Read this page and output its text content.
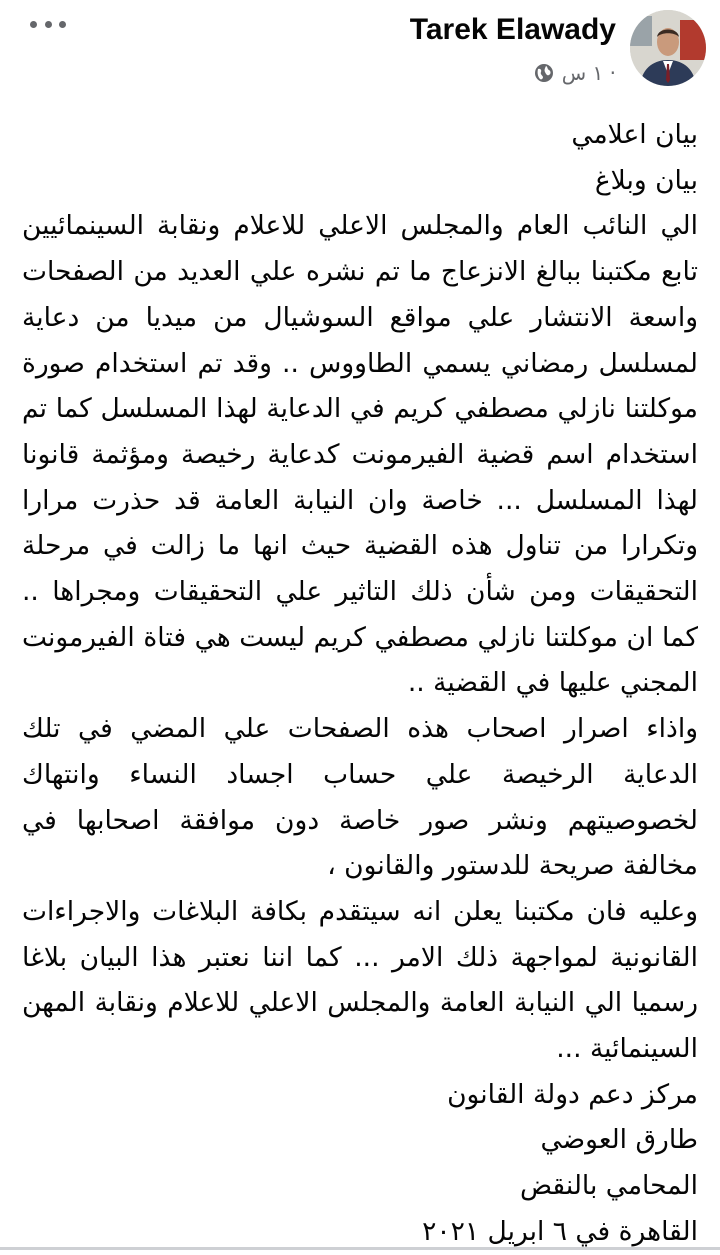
Tarek Elawady
١ س ·
بيان اعلامي
بيان وبلاغ
الي النائب العام والمجلس الاعلي للاعلام ونقابة السينمائيين
تابع مكتبنا ببالغ الانزعاج ما تم نشره علي العديد من الصفحات
واسعة الانتشار علي مواقع السوشيال من ميديا من دعاية
لمسلسل رمضاني يسمي الطاووس .. وقد تم استخدام صورة
موكلتنا نازلي مصطفي كريم في الدعاية لهذا المسلسل كما تم
استخدام اسم قضية الفيرمونت كدعاية رخيصة ومؤثمة قانونا
لهذا المسلسل ... خاصة وان النيابة العامة قد حذرت مرارا
وتكرارا من تناول هذه القضية حيث انها ما زالت في مرحلة
التحقيقات ومن شأن ذلك التاثير علي التحقيقات ومجراها ..
كما ان موكلتنا نازلي مصطفي كريم ليست هي فتاة الفيرمونت
المجني عليها في القضية ..
واذاء اصرار اصحاب هذه الصفحات علي المضي في تلك
الدعاية الرخيصة علي حساب اجساد النساء وانتهاك
لخصوصيتهم ونشر صور خاصة دون موافقة اصحابها في
مخالفة صريحة للدستور والقانون ،
وعليه فان مكتبنا يعلن انه سيتقدم بكافة البلاغات والاجراءات
القانونية لمواجهة ذلك الامر ... كما اننا نعتبر هذا البيان بلاغا
رسميا الي النيابة العامة والمجلس الاعلي للاعلام ونقابة المهن
السينمائية ...
مركز دعم دولة القانون
طارق العوضي
المحامي بالنقض
القاهرة في ٦ ابريل ٢٠٢١
